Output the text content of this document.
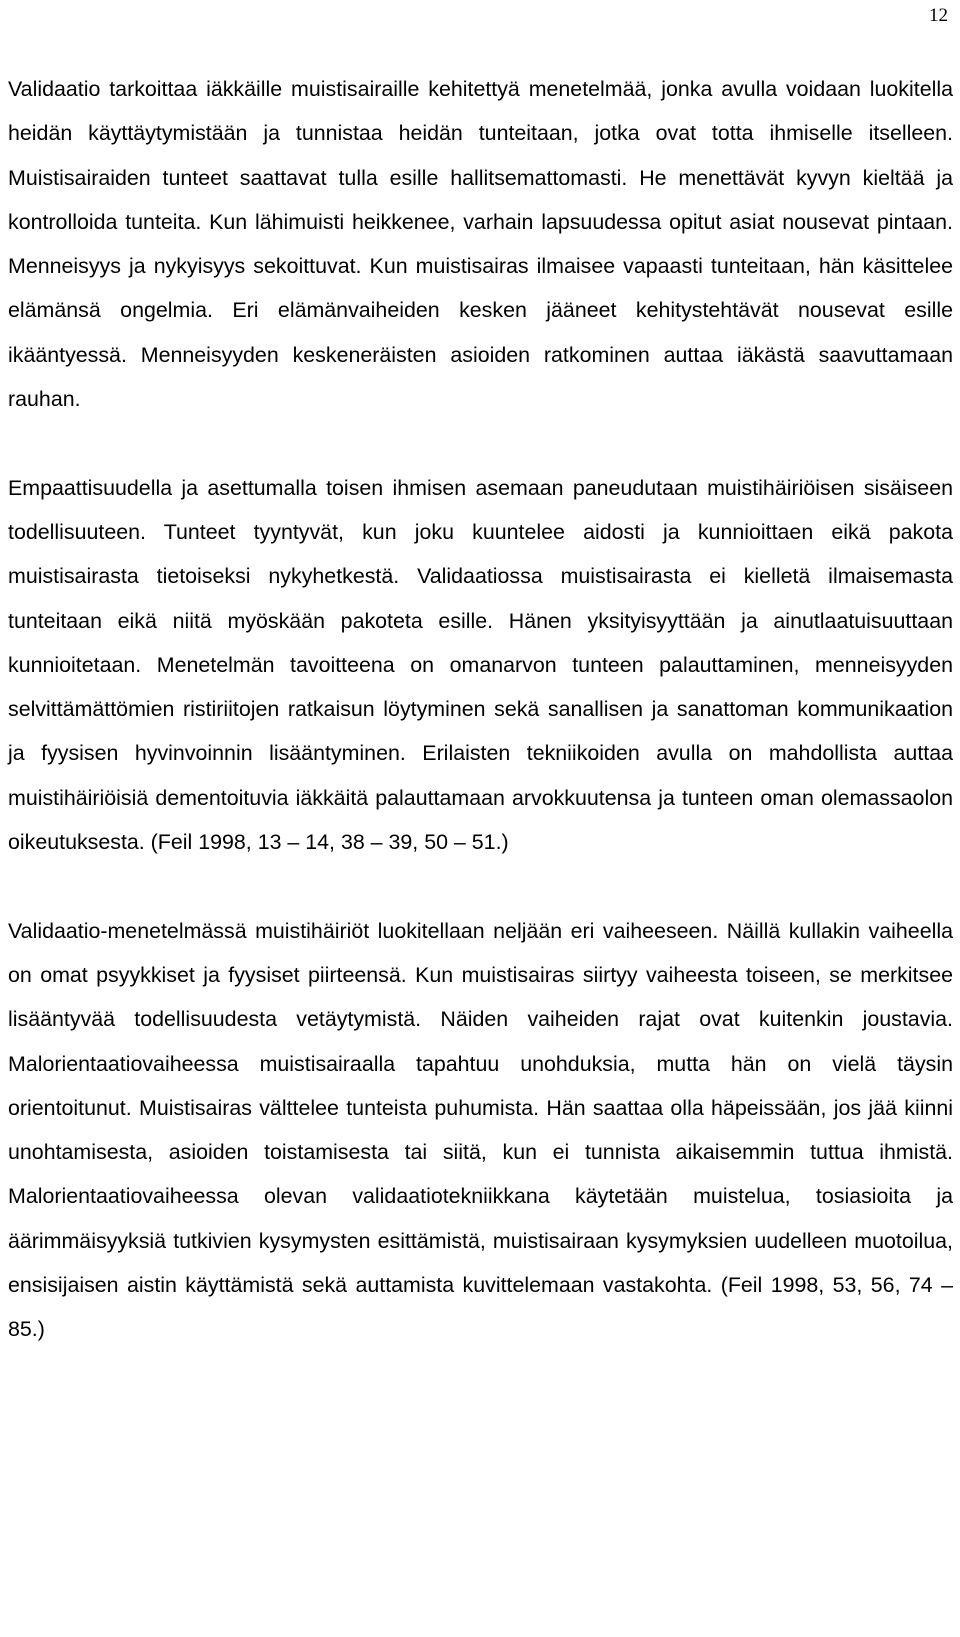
12

Validaatio tarkoittaa iäkkäille muistisairaille kehitettyä menetelmää, jonka avulla voidaan luokitella heidän käyttäytymistään ja tunnistaa heidän tunteitaan, jotka ovat totta ihmiselle itselleen. Muistisairaiden tunteet saattavat tulla esille hallitsemattomasti. He menettävät kyvyn kieltää ja kontrolloida tunteita. Kun lähimuisti heikkenee, varhain lapsuudessa opitut asiat nousevat pintaan. Menneisyys ja nykyisyys sekoittuvat. Kun muistisairas ilmaisee vapaasti tunteitaan, hän käsittelee elämänsä ongelmia. Eri elämänvaiheiden kesken jääneet kehitystehtävät nousevat esille ikääntyessä. Menneisyyden keskeneräisten asioiden ratkominen auttaa iäkästä saavuttamaan rauhan.

Empaattisuudella ja asettumalla toisen ihmisen asemaan paneudutaan muistihäiriöisen sisäiseen todellisuuteen. Tunteet tyyntyvät, kun joku kuuntelee aidosti ja kunnioittaen eikä pakota muistisairasta tietoiseksi nykyhetkestä. Validaatiossa muistisairasta ei kielletä ilmaisemasta tunteitaan eikä niitä myöskään pakoteta esille. Hänen yksityisyyttään ja ainutlaatuisuuttaan kunnioitetaan. Menetelmän tavoitteena on omanarvon tunteen palauttaminen, menneisyyden selvittämättömien ristiriitojen ratkaisun löytyminen sekä sanallisen ja sanattoman kommunikaation ja fyysisen hyvinvoinnin lisääntyminen. Erilaisten tekniikoiden avulla on mahdollista auttaa muistihäiriöisiä dementoituvia iäkkäitä palauttamaan arvokkuutensa ja tunteen oman olemassaolon oikeutuksesta. (Feil 1998, 13 – 14, 38 – 39, 50 – 51.)

Validaatio-menetelmässä muistihäiriöt luokitellaan neljään eri vaiheeseen. Näillä kullakin vaiheella on omat psyykkiset ja fyysiset piirteensä. Kun muistisairas siirtyy vaiheesta toiseen, se merkitsee lisääntyvää todellisuudesta vetäytymistä. Näiden vaiheiden rajat ovat kuitenkin joustavia. Malorientaatiovaiheessa muistisairaalla tapahtuu unohduksia, mutta hän on vielä täysin orientoitunut. Muistisairas välttelee tunteista puhumista. Hän saattaa olla häpeissään, jos jää kiinni unohtamisesta, asioiden toistamisesta tai siitä, kun ei tunnista aikaisemmin tuttua ihmistä. Malorientaatiovaiheessa olevan validaatiotekniikkana käytetään muistelua, tosiasioita ja äärimmäisyyksiä tutkivien kysymysten esittämistä, muistisairaan kysymyksien uudelleen muotoilua, ensisijaisen aistin käyttämistä sekä auttamista kuvittelemaan vastakohta. (Feil 1998, 53, 56, 74 – 85.)
